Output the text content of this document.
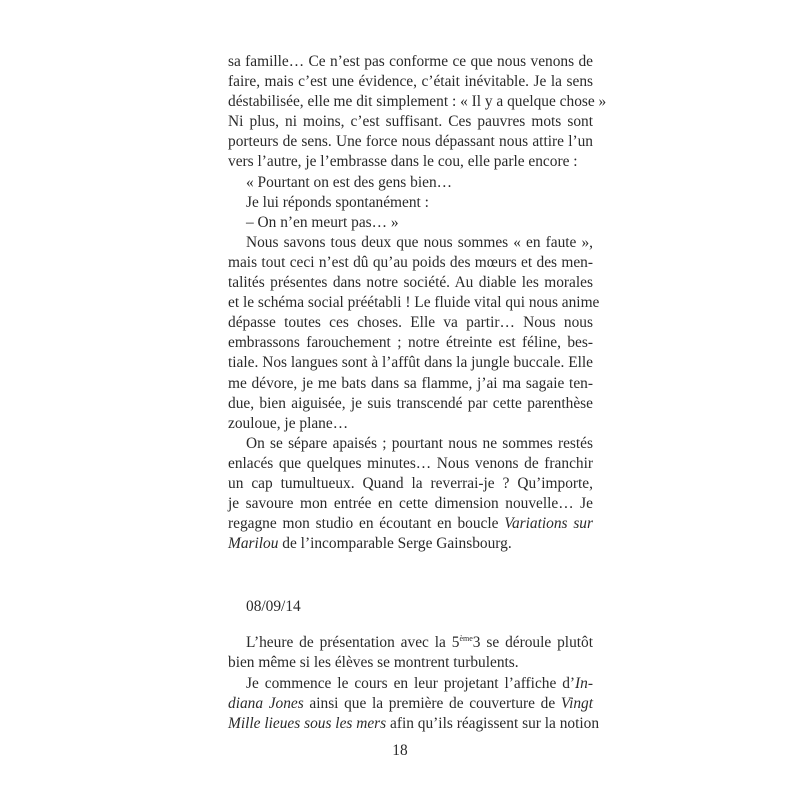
sa famille… Ce n’est pas conforme ce que nous venons de

faire, mais c’est une évidence, c’était inévitable. Je la sens

déstabilisée, elle me dit simplement : « Il y a quelque chose »

Ni plus, ni moins, c’est suffisant. Ces pauvres mots sont

porteurs de sens. Une force nous dépassant nous attire l’un

vers l’autre, je l’embrasse dans le cou, elle parle encore :

« Pourtant on est des gens bien…

Je lui réponds spontanément :

– On n’en meurt pas… »

Nous savons tous deux que nous sommes « en faute »,

mais tout ceci n’est dû qu’au poids des mœurs et des men-

talités présentes dans notre société. Au diable les morales

et le schéma social préétabli ! Le fluide vital qui nous anime

dépasse toutes ces choses. Elle va partir… Nous nous

embrassons farouchement ; notre étreinte est féline, bes-

tiale. Nos langues sont à l’affût dans la jungle buccale. Elle

me dévore, je me bats dans sa flamme, j’ai ma sagaie ten-

due, bien aiguisée, je suis transcendé par cette parenthèse

zouloue, je plane…

On se sépare apaisés ; pourtant nous ne sommes restés

enlacés que quelques minutes… Nous venons de franchir

un cap tumultueux. Quand la reverrai-je ? Qu’importe,

je savoure mon entrée en cette dimension nouvelle… Je

regagne mon studio en écoutant en boucle Variations sur

Marilou de l’incomparable Serge Gainsbourg.

08/09/14

L’heure de présentation avec la 5ème3 se déroule plutôt

bien même si les élèves se montrent turbulents.

Je commence le cours en leur projetant l’affiche d’In-

diana Jones ainsi que la première de couverture de Vingt

Mille lieues sous les mers afin qu’ils réagissent sur la notion

18
